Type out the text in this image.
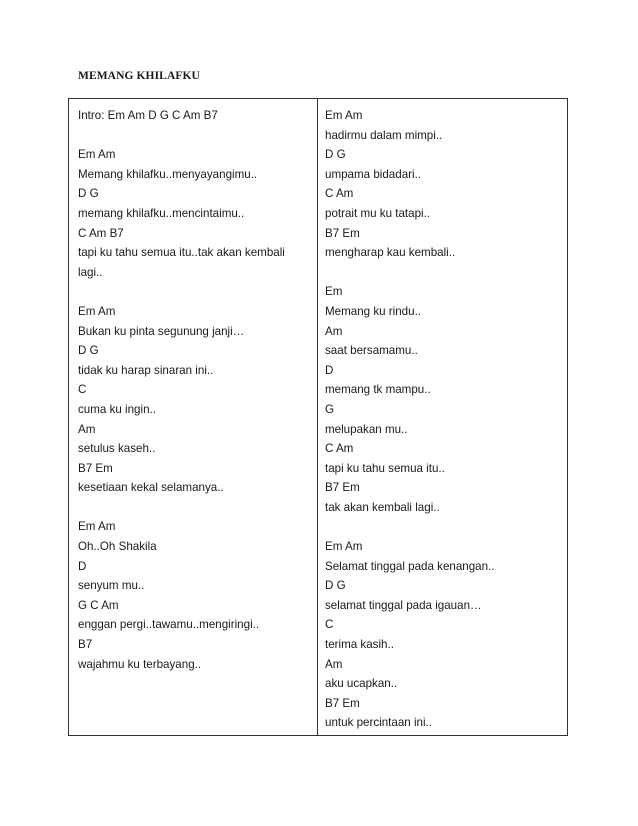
MEMANG KHILAFKU
Intro: Em Am D G C Am B7
Em Am
Memang khilafku..menyayangimu..
D G
memang khilafku..mencintaimu..
C Am B7
tapi ku tahu semua itu..tak akan kembali
lagi..
Em Am
Bukan ku pinta segunung janji…
D G
tidak ku harap sinaran ini..
C
cuma ku ingin..
Am
setulus kaseh..
B7 Em
kesetiaan kekal selamanya..
Em Am
Oh..Oh Shakila
D
senyum mu..
G C Am
enggan pergi..tawamu..mengiringi..
B7
wajahmu ku terbayang..
Em Am
hadirmu dalam mimpi..
D G
umpama bidadari..
C Am
potrait mu ku tatapi..
B7 Em
mengharap kau kembali..
Em
Memang ku rindu..
Am
saat bersamamu..
D
memang tk mampu..
G
melupakan mu..
C Am
tapi ku tahu semua itu..
B7 Em
tak akan kembali lagi..
Em Am
Selamat tinggal pada kenangan..
D G
selamat tinggal pada igauan…
C
terima kasih..
Am
aku ucapkan..
B7 Em
untuk percintaan ini..
